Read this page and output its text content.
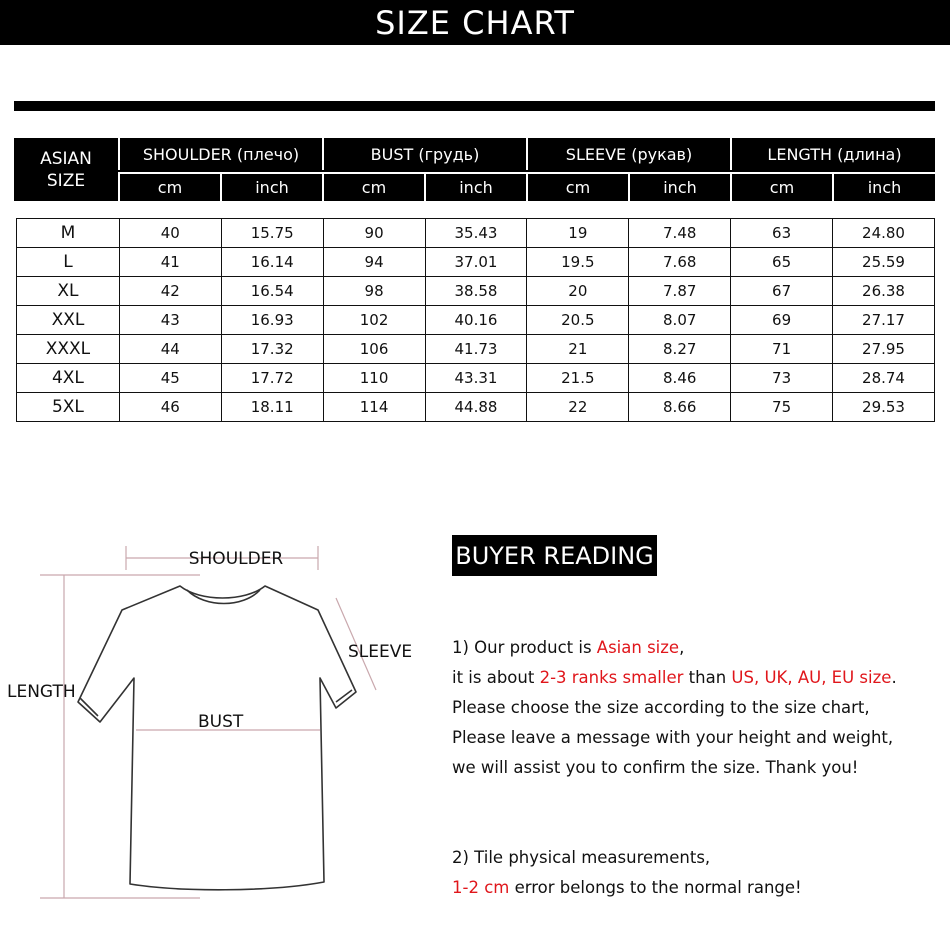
SIZE CHART
ASIAN
SIZE
SHOULDER (плечо)	BUST (грудь)	SLEEVE (рукав)	LENGTH (длина)
cm	inch	cm	inch	cm	inch	cm	inch
M	40	15.75	90	35.43	19	7.48	63	24.80
L	41	16.14	94	37.01	19.5	7.68	65	25.59
XL	42	16.54	98	38.58	20	7.87	67	26.38
XXL	43	16.93	102	40.16	20.5	8.07	69	27.17
XXXL	44	17.32	106	41.73	21	8.27	71	27.95
4XL	45	17.72	110	43.31	21.5	8.46	73	28.74
5XL	46	18.11	114	44.88	22	8.66	75	29.53
SHOULDER
SLEEVE
LENGTH
BUST
BUYER READING
1) Our product is Asian size,
it is about 2-3 ranks smaller than US, UK, AU, EU size.
Please choose the size according to the size chart,
Please leave a message with your height and weight,
we will assist you to confirm the size. Thank you!
2) Tile physical measurements,
1-2 cm error belongs to the normal range!
